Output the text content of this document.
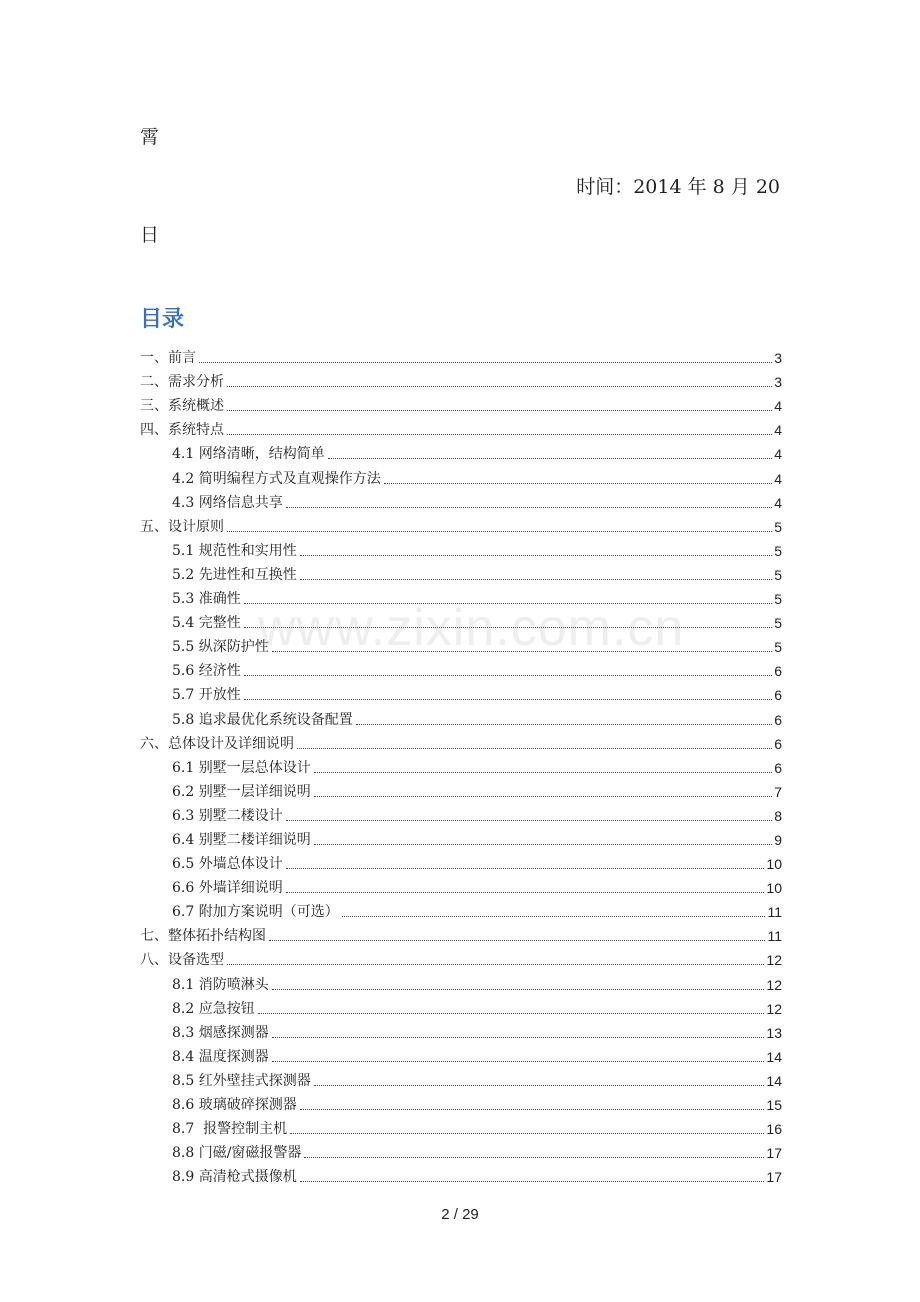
霄
时间：2014 年 8 月 20
日
目录
一、前言	3
二、需求分析	3
三、系统概述	4
四、系统特点	4
4.1 网络清晰，结构简单	4
4.2 简明编程方式及直观操作方法	4
4.3 网络信息共享	4
五、设计原则	5
5.1 规范性和实用性	5
5.2 先进性和互换性	5
5.3 准确性	5
5.4 完整性	5
5.5 纵深防护性	5
5.6 经济性	6
5.7 开放性	6
5.8 追求最优化系统设备配置	6
六、总体设计及详细说明	6
6.1 别墅一层总体设计	6
6.2 别墅一层详细说明	7
6.3 别墅二楼设计	8
6.4 别墅二楼详细说明	9
6.5 外墙总体设计	10
6.6 外墙详细说明	10
6.7 附加方案说明（可选）	11
七、整体拓扑结构图	11
八、设备选型	12
8.1 消防喷淋头	12
8.2 应急按钮	12
8.3 烟感探测器	13
8.4 温度探测器	14
8.5 红外壁挂式探测器	14
8.6 玻璃破碎探测器	15
8.7  报警控制主机	16
8.8 门磁/窗磁报警器	17
8.9 高清枪式摄像机	17
www.zixin.com.cn
2 / 29
